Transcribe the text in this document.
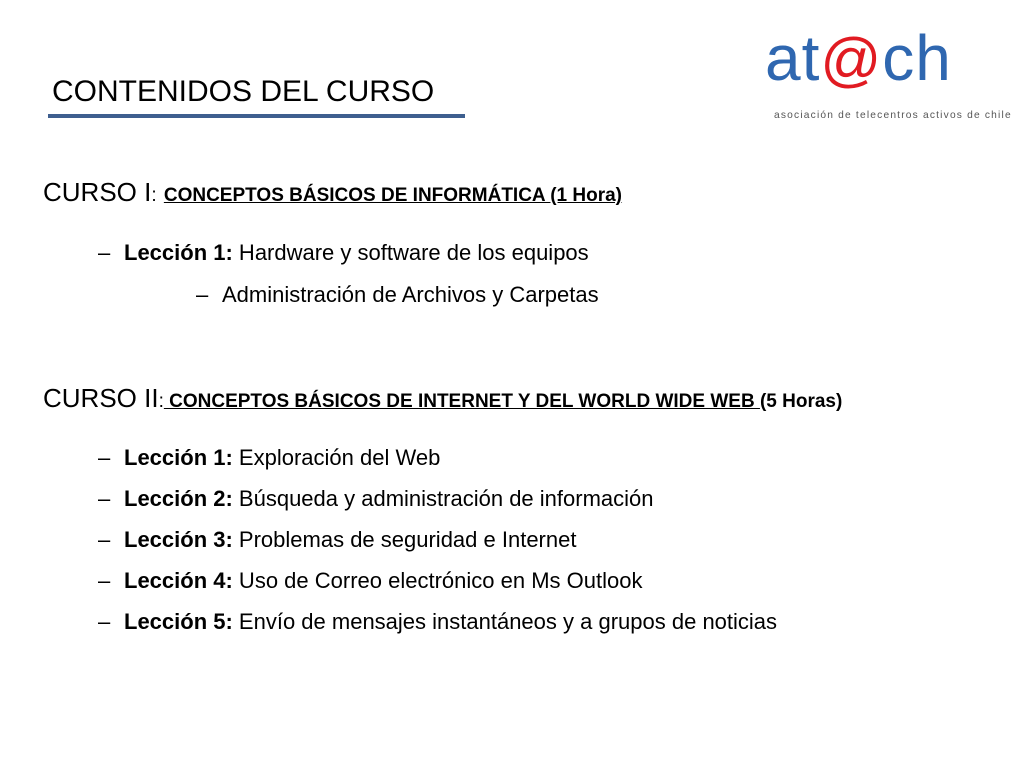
CONTENIDOS DEL CURSO	at@ch
asociación de telecentros activos de chile
CURSO I: CONCEPTOS BÁSICOS DE INFORMÁTICA (1 Hora)
– Lección 1: Hardware y software de los equipos
– Administración de Archivos y Carpetas
CURSO II: CONCEPTOS BÁSICOS DE INTERNET Y DEL WORLD WIDE WEB (5 Horas)
– Lección 1: Exploración del Web
– Lección 2: Búsqueda y administración de información
– Lección 3: Problemas de seguridad e Internet
– Lección 4: Uso de Correo electrónico en Ms Outlook
– Lección 5: Envío de mensajes instantáneos y a grupos de noticias
